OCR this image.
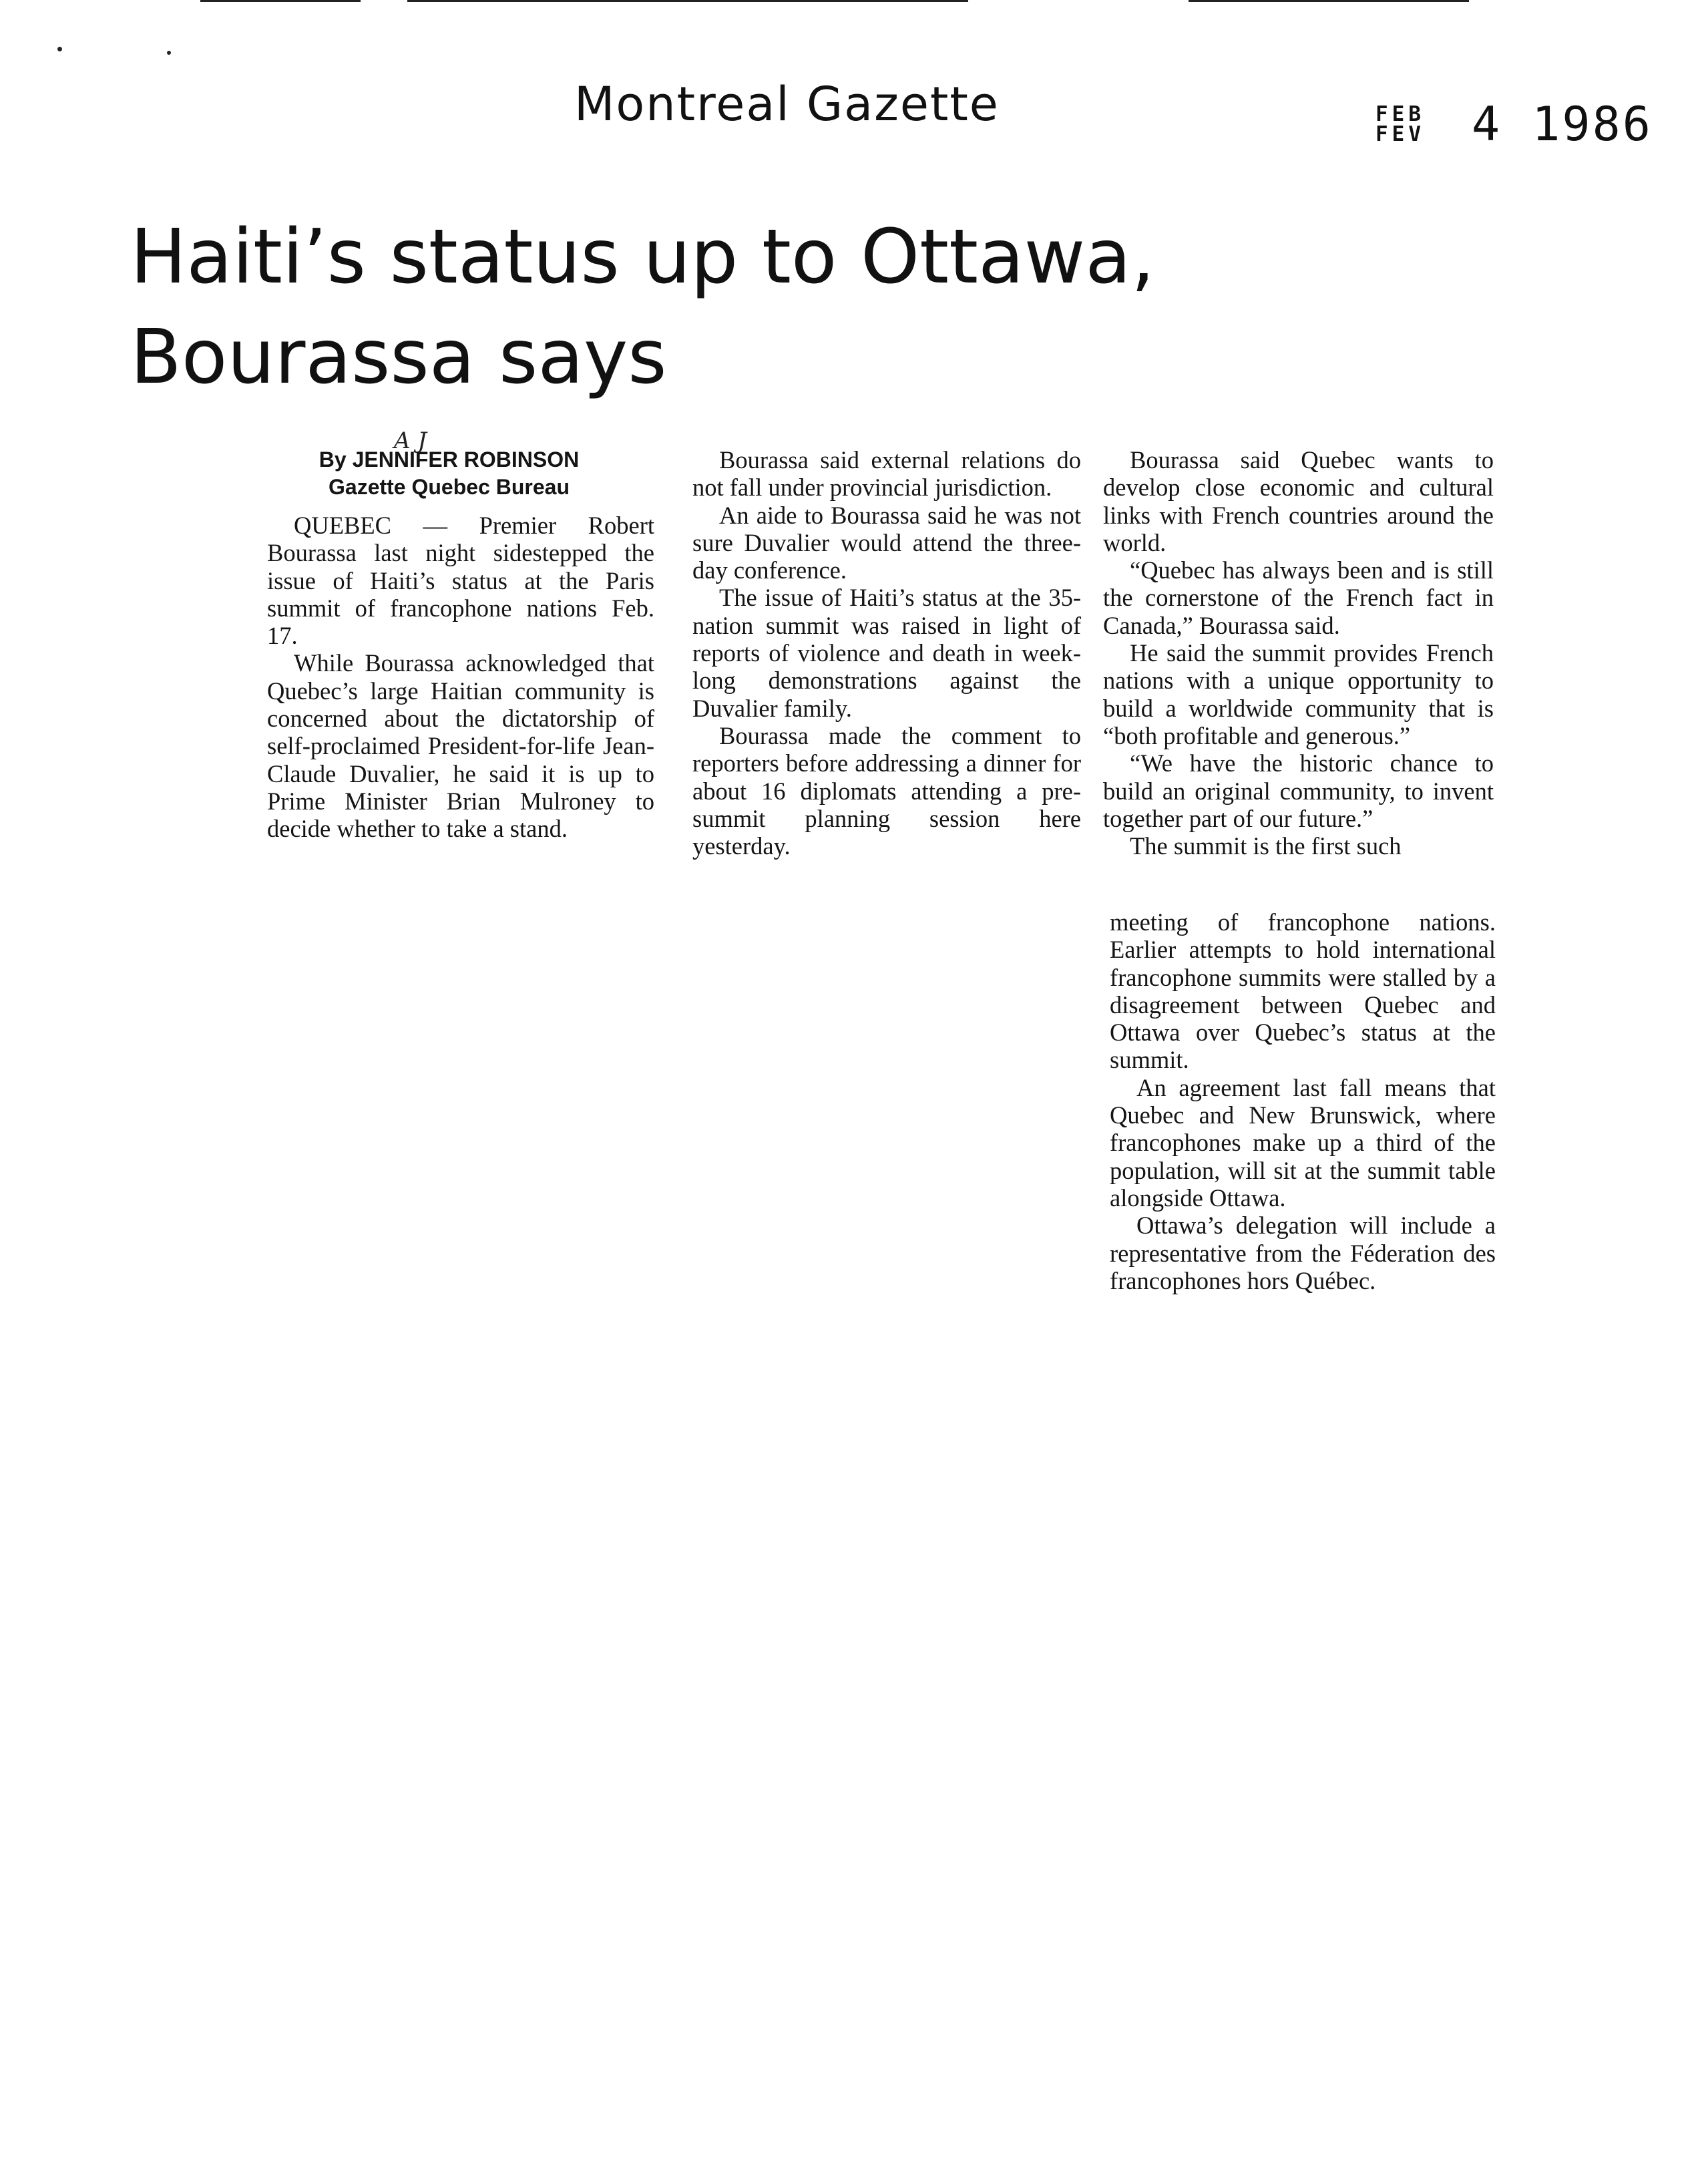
Montreal Gazette	FEB
FEV 4 1986
Haiti’s status up to Ottawa, Bourassa says
A J
By JENNIFER ROBINSON
Gazette Quebec Bureau

QUEBEC — Premier Robert Bourassa last night sidestepped the issue of Haiti’s status at the Paris summit of francophone nations Feb. 17.

While Bourassa acknowledged that Quebec’s large Haitian community is concerned about the dictatorship of self-proclaimed President-for-life Jean-Claude Duvalier, he said it is up to Prime Minister Brian Mulroney to decide whether to take a stand.

Bourassa said external relations do not fall under provincial jurisdiction.

An aide to Bourassa said he was not sure Duvalier would attend the three-day conference.

The issue of Haiti’s status at the 35-nation summit was raised in light of reports of violence and death in week-long demonstrations against the Duvalier family.

Bourassa made the comment to reporters before addressing a dinner for about 16 diplomats attending a pre-summit planning session here yesterday.

Bourassa said Quebec wants to develop close economic and cultural links with French countries around the world.

“Quebec has always been and is still the cornerstone of the French fact in Canada,” Bourassa said.

He said the summit provides French nations with a unique opportunity to build a worldwide community that is “both profitable and generous.”

“We have the historic chance to build an original community, to invent together part of our future.”

The summit is the first such

meeting of francophone nations. Earlier attempts to hold international francophone summits were stalled by a disagreement between Quebec and Ottawa over Quebec’s status at the summit.

An agreement last fall means that Quebec and New Brunswick, where francophones make up a third of the population, will sit at the summit table alongside Ottawa.

Ottawa’s delegation will include a representative from the Féderation des francophones hors Québec.
